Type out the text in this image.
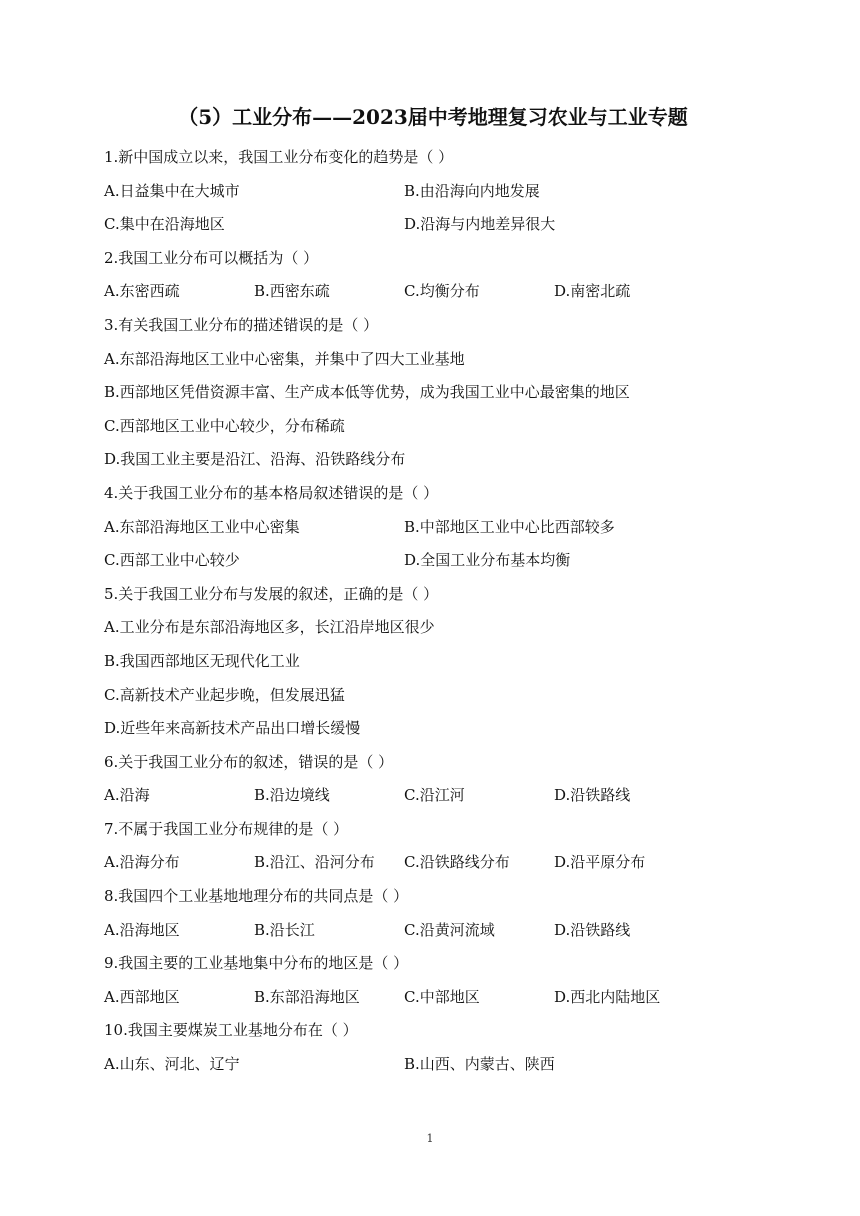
（5）工业分布——2023届中考地理复习农业与工业专题
1.新中国成立以来，我国工业分布变化的趋势是（ ）
A.日益集中在大城市	B.由沿海向内地发展
C.集中在沿海地区	D.沿海与内地差异很大
2.我国工业分布可以概括为（ ）
A.东密西疏	B.西密东疏	C.均衡分布	D.南密北疏
3.有关我国工业分布的描述错误的是（ ）
A.东部沿海地区工业中心密集，并集中了四大工业基地
B.西部地区凭借资源丰富、生产成本低等优势，成为我国工业中心最密集的地区
C.西部地区工业中心较少，分布稀疏
D.我国工业主要是沿江、沿海、沿铁路线分布
4.关于我国工业分布的基本格局叙述错误的是（ ）
A.东部沿海地区工业中心密集	B.中部地区工业中心比西部较多
C.西部工业中心较少	D.全国工业分布基本均衡
5.关于我国工业分布与发展的叙述，正确的是（ ）
A.工业分布是东部沿海地区多，长江沿岸地区很少
B.我国西部地区无现代化工业
C.高新技术产业起步晚，但发展迅猛
D.近些年来高新技术产品出口增长缓慢
6.关于我国工业分布的叙述，错误的是（ ）
A.沿海	B.沿边境线	C.沿江河	D.沿铁路线
7.不属于我国工业分布规律的是（ ）
A.沿海分布	B.沿江、沿河分布 C.沿铁路线分布	D.沿平原分布
8.我国四个工业基地地理分布的共同点是（ ）
A.沿海地区	B.沿长江	C.沿黄河流域	D.沿铁路线
9.我国主要的工业基地集中分布的地区是（ ）
A.西部地区	B.东部沿海地区	C.中部地区	D.西北内陆地区
10.我国主要煤炭工业基地分布在（ ）
A.山东、河北、辽宁	B.山西、内蒙古、陕西
1
